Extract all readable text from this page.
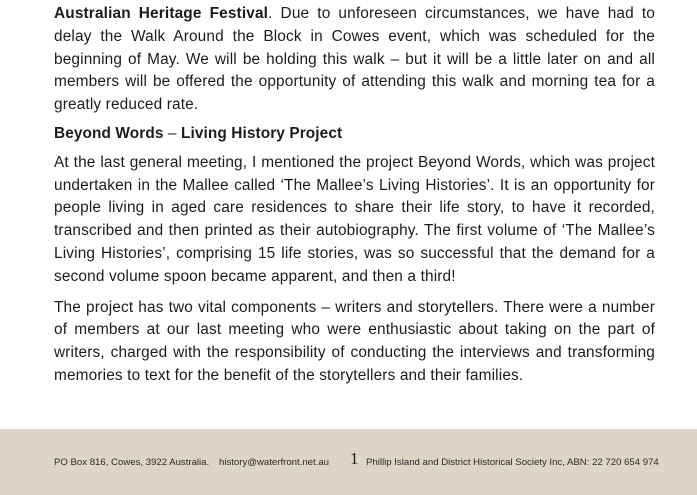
Australian Heritage Festival. Due to unforeseen circumstances, we have had to delay the Walk Around the Block in Cowes event, which was scheduled for the beginning of May. We will be holding this walk – but it will be a little later on and all members will be offered the opportunity of attending this walk and morning tea for a greatly reduced rate.

Beyond Words – Living History Project

At the last general meeting, I mentioned the project Beyond Words, which was project undertaken in the Mallee called ‘The Mallee’s Living Histories’. It is an opportunity for people living in aged care residences to share their life story, to have it recorded, transcribed and then printed as their autobiography. The first volume of ‘The Mallee’s Living Histories’, comprising 15 life stories, was so successful that the demand for a second volume spoon became apparent, and then a third!

The project has two vital components – writers and storytellers. There were a number of members at our last meeting who were enthusiastic about taking on the part of writers, charged with the responsibility of conducting the interviews and transforming memories to text for the benefit of the storytellers and their families.

PO Box 816, Cowes, 3922 Australia. history@waterfront.net.au 1 Phillip Island and District Historical Society Inc, ABN: 22 720 654 974
